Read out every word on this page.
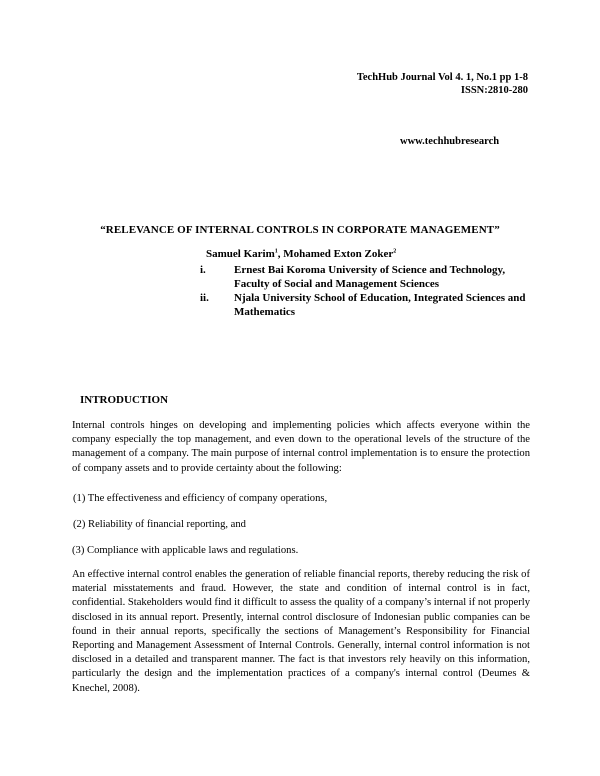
TechHub Journal Vol 4. 1, No.1 pp 1-8
ISSN:2810-280
www.techhubresearch
“RELEVANCE OF INTERNAL CONTROLS IN CORPORATE MANAGEMENT”
Samuel Karim$^1$, Mohamed Exton Zoker$^2$
i.	Ernest Bai Koroma University of Science and Technology, Faculty of Social and Management Sciences
ii.	Njala University School of Education, Integrated Sciences and Mathematics
INTRODUCTION
Internal controls hinges on developing and implementing policies which affects everyone within the company especially the top management, and even down to the operational levels of the structure of the management of a company. The main purpose of internal control implementation is to ensure the protection of company assets and to provide certainty about the following:
(1) The effectiveness and efficiency of company operations,
(2) Reliability of financial reporting, and
(3) Compliance with applicable laws and regulations.
An effective internal control enables the generation of reliable financial reports, thereby reducing the risk of material misstatements and fraud. However, the state and condition of internal control is in fact, confidential. Stakeholders would find it difficult to assess the quality of a company’s internal if not properly disclosed in its annual report. Presently, internal control disclosure of Indonesian public companies can be found in their annual reports, specifically the sections of Management’s Responsibility for Financial Reporting and Management Assessment of Internal Controls. Generally, internal control information is not disclosed in a detailed and transparent manner. The fact is that investors rely heavily on this information, particularly the design and the implementation practices of a company's internal control (Deumes & Knechel, 2008).
